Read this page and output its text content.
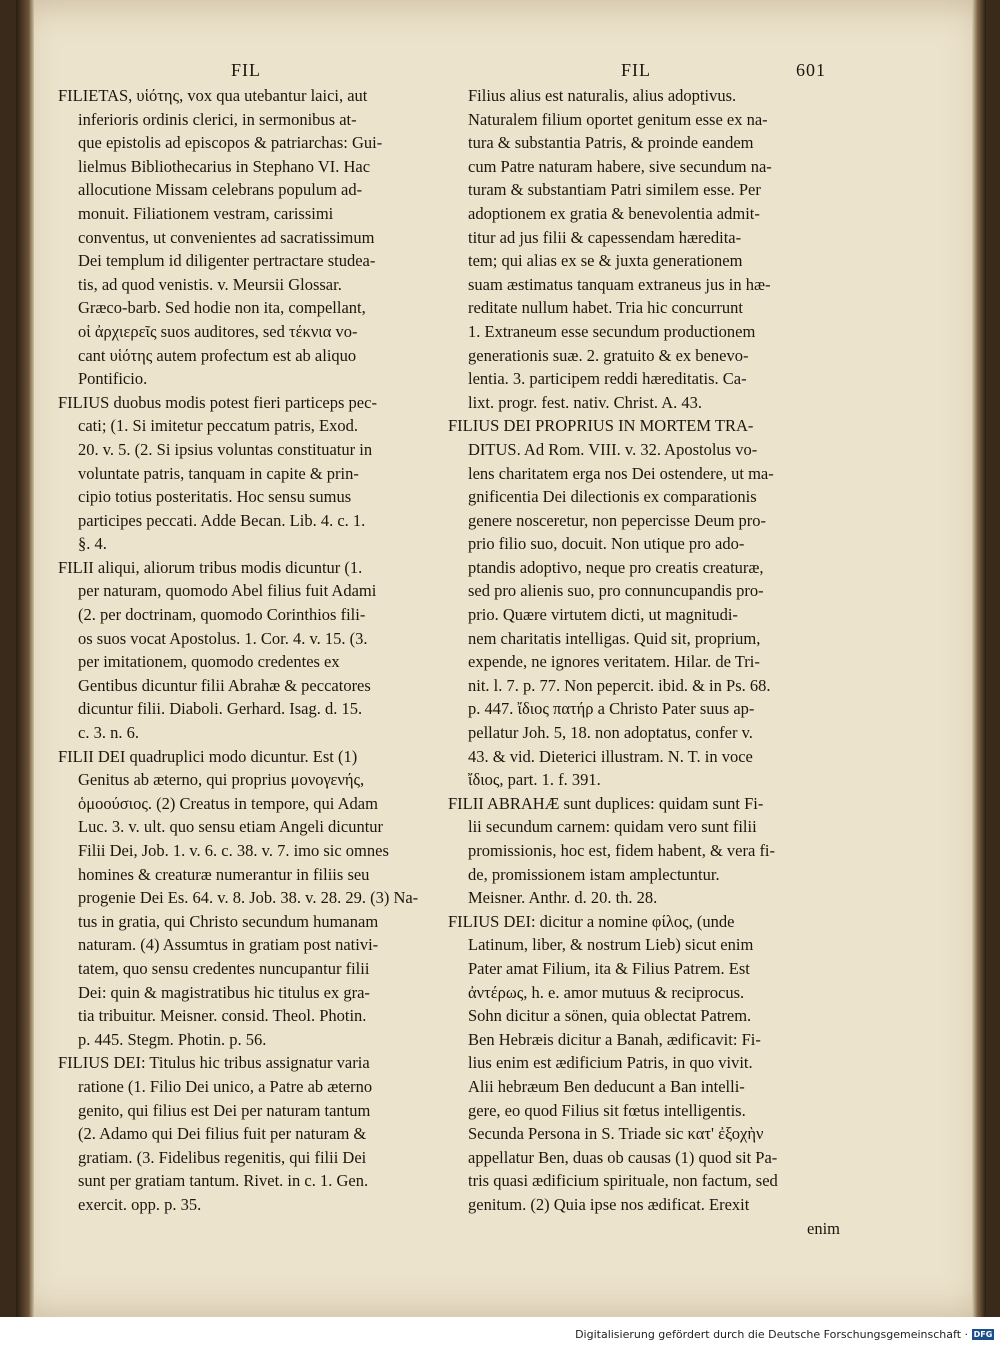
FIL	FIL	601
FILIETAS, υἱότης, vox qua utebantur laici, aut
inferioris ordinis clerici, in sermonibus at-
que epistolis ad episcopos & patriarchas: Gui-
lielmus Bibliothecarius in Stephano VI. Hac
allocutione Missam celebrans populum ad-
monuit. Filiationem vestram, carissimi
conventus, ut convenientes ad sacratissimum
Dei templum id diligenter pertractare studea-
tis, ad quod venistis. v. Meursii Glossar.
Græco-barb. Sed hodie non ita, compellant,
οἱ ἀρχιερεῖς suos auditores, sed τέκνια vo-
cant υἱότης autem profectum est ab aliquo
Pontificio.
FILIUS duobus modis potest fieri particeps pec-
cati; (1. Si imitetur peccatum patris, Exod.
20. v. 5. (2. Si ipsius voluntas constituatur in
voluntate patris, tanquam in capite & prin-
cipio totius posteritatis. Hoc sensu sumus
participes peccati. Adde Becan. Lib. 4. c. 1.
§. 4.
FILII aliqui, aliorum tribus modis dicuntur (1.
per naturam, quomodo Abel filius fuit Adami
(2. per doctrinam, quomodo Corinthios fili-
os suos vocat Apostolus. 1. Cor. 4. v. 15. (3.
per imitationem, quomodo credentes ex
Gentibus dicuntur filii Abrahæ & peccatores
dicuntur filii. Diaboli. Gerhard. Isag. d. 15.
c. 3. n. 6.
FILII DEI quadruplici modo dicuntur. Est (1)
Genitus ab æterno, qui proprius μονογενής,
ὁμοούσιος. (2) Creatus in tempore, qui Adam
Luc. 3. v. ult. quo sensu etiam Angeli dicuntur
Filii Dei, Job. 1. v. 6. c. 38. v. 7. imo sic omnes
homines & creaturæ numerantur in filiis seu
progenie Dei Es. 64. v. 8. Job. 38. v. 28. 29. (3) Na-
tus in gratia, qui Christo secundum humanam
naturam. (4) Assumtus in gratiam post nativi-
tatem, quo sensu credentes nuncupantur filii
Dei: quin & magistratibus hic titulus ex gra-
tia tribuitur. Meisner. consid. Theol. Photin.
p. 445. Stegm. Photin. p. 56.
FILIUS DEI: Titulus hic tribus assignatur varia
ratione (1. Filio Dei unico, a Patre ab æterno
genito, qui filius est Dei per naturam tantum
(2. Adamo qui Dei filius fuit per naturam &
gratiam. (3. Fidelibus regenitis, qui filii Dei
sunt per gratiam tantum. Rivet. in c. 1. Gen.
exercit. opp. p. 35.
Filius alius est naturalis, alius adoptivus.
Naturalem filium oportet genitum esse ex na-
tura & substantia Patris, & proinde eandem
cum Patre naturam habere, sive secundum na-
turam & substantiam Patri similem esse. Per
adoptionem ex gratia & benevolentia admit-
titur ad jus filii & capessendam hæredita-
tem; qui alias ex se & juxta generationem
suam æstimatus tanquam extraneus jus in hæ-
reditate nullum habet. Tria hic concurrunt
1. Extraneum esse secundum productionem
generationis suæ. 2. gratuito & ex benevo-
lentia. 3. participem reddi hæreditatis. Ca-
lixt. progr. fest. nativ. Christ. A. 43.
FILIUS DEI PROPRIUS IN MORTEM TRA-
DITUS. Ad Rom. VIII. v. 32. Apostolus vo-
lens charitatem erga nos Dei ostendere, ut ma-
gnificentia Dei dilectionis ex comparationis
genere nosceretur, non pepercisse Deum pro-
prio filio suo, docuit. Non utique pro ado-
ptandis adoptivo, neque pro creatis creaturæ,
sed pro alienis suo, pro connuncupandis pro-
prio. Quære virtutem dicti, ut magnitudi-
nem charitatis intelligas. Quid sit, proprium,
expende, ne ignores veritatem. Hilar. de Tri-
nit. l. 7. p. 77. Non pepercit. ibid. & in Ps. 68.
p. 447. ἴδιος πατήρ a Christo Pater suus ap-
pellatur Joh. 5, 18. non adoptatus, confer v.
43. & vid. Dieterici illustram. N. T. in voce
ἴδιος, part. 1. f. 391.
FILII ABRAHÆ sunt duplices: quidam sunt Fi-
lii secundum carnem: quidam vero sunt filii
promissionis, hoc est, fidem habent, & vera fi-
de, promissionem istam amplectuntur.
Meisner. Anthr. d. 20. th. 28.
FILIUS DEI: dicitur a nomine φίλος, (unde
Latinum, liber, & nostrum Lieb) sicut enim
Pater amat Filium, ita & Filius Patrem. Est
ἀντέρως, h. e. amor mutuus & reciprocus.
Sohn dicitur a sönen, quia oblectat Patrem.
Ben Hebræis dicitur a Banah, ædificavit: Fi-
lius enim est ædificium Patris, in quo vivit.
Alii hebræum Ben deducunt a Ban intelli-
gere, eo quod Filius sit fœtus intelligentis.
Secunda Persona in S. Triade sic κατ' ἐξοχὴν
appellatur Ben, duas ob causas (1) quod sit Pa-
tris quasi ædificium spirituale, non factum, sed
genitum. (2) Quia ipse nos ædificat. Erexit
enim
Digitalisierung gefördert durch die Deutsche Forschungsgemeinschaft · DFG
